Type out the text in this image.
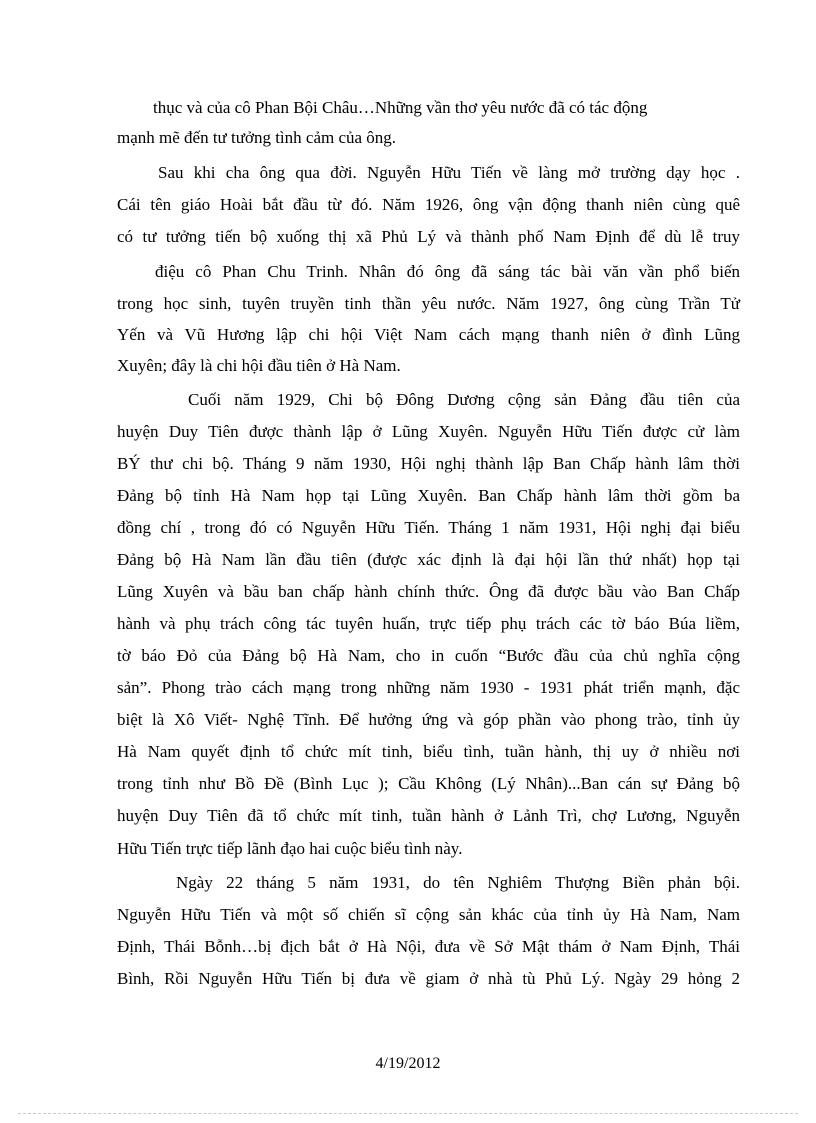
thục và của cô Phan Bội Châu…Những vần thơ yêu nước đã có tác động
mạnh mẽ đến tư tưởng tình cảm của ông.
Sau khi cha ông qua đời. Nguyễn Hữu Tiến về làng mở trường dạy học .
Cái tên giáo Hoài bắt đầu từ đó. Năm 1926, ông vận động thanh niên cùng quê
có tư tưởng tiến bộ xuống thị xã Phủ Lý và thành phố Nam Định để dù lễ truy
điệu cô Phan Chu Trinh. Nhân đó ông đã sáng tác bài văn vần phổ biến
trong học sinh, tuyên truyền tinh thần yêu nước. Năm 1927, ông cùng Trần Tử
Yến và Vũ Hương lập chi hội Việt Nam cách mạng thanh niên ở đình Lũng
Xuyên; đây là chi hội đầu tiên ở Hà Nam.
Cuối năm 1929, Chi bộ Đông Dương cộng sản Đảng đầu tiên của
huyện Duy Tiên được thành lập ở Lũng Xuyên. Nguyễn Hữu Tiến được cử làm
BÝ thư chi bộ. Tháng 9 năm 1930, Hội nghị thành lập Ban Chấp hành lâm thời
Đảng bộ tỉnh Hà Nam họp tại Lũng Xuyên. Ban Chấp hành lâm thời gồm ba
đồng chí , trong đó có Nguyễn Hữu Tiến. Tháng 1 năm 1931, Hội nghị đại biểu
Đảng bộ Hà Nam lần đầu tiên (được xác định là đại hội lần thứ nhất) họp tại
Lũng Xuyên và bầu ban chấp hành chính thức. Ông đã được bầu vào Ban Chấp
hành và phụ trách công tác tuyên huấn, trực tiếp phụ trách các tờ báo Búa liềm,
tờ báo Đỏ của Đảng bộ Hà Nam, cho in cuốn “Bước đầu của chủ nghĩa cộng
sản”. Phong trào cách mạng trong những năm 1930 - 1931 phát triển mạnh, đặc
biệt là Xô Viết- Nghệ Tĩnh. Để hưởng ứng và góp phần vào phong trào, tỉnh ủy
Hà Nam quyết định tổ chức mít tinh, biểu tình, tuần hành, thị uy ở nhiều nơi
trong tỉnh như Bồ Đề (Bình Lục ); Cầu Không (Lý Nhân)...Ban cán sự Đảng bộ
huyện Duy Tiên đã tổ chức mít tinh, tuần hành ở Lảnh Trì, chợ Lương, Nguyễn
Hữu Tiến trực tiếp lãnh đạo hai cuộc biểu tình này.
Ngày 22 tháng 5 năm 1931, do tên Nghiêm Thượng Biền phản bội.
Nguyễn Hữu Tiến và một số chiến sĩ cộng sản khác của tỉnh ủy Hà Nam, Nam
Định, Thái Bỗnh…bị địch bắt ở Hà Nội, đưa về Sở Mật thám ở Nam Định, Thái
Bình, Rồi Nguyễn Hữu Tiến bị đưa về giam ở nhà tù Phủ Lý. Ngày 29 hỏng 2
4/19/2012
